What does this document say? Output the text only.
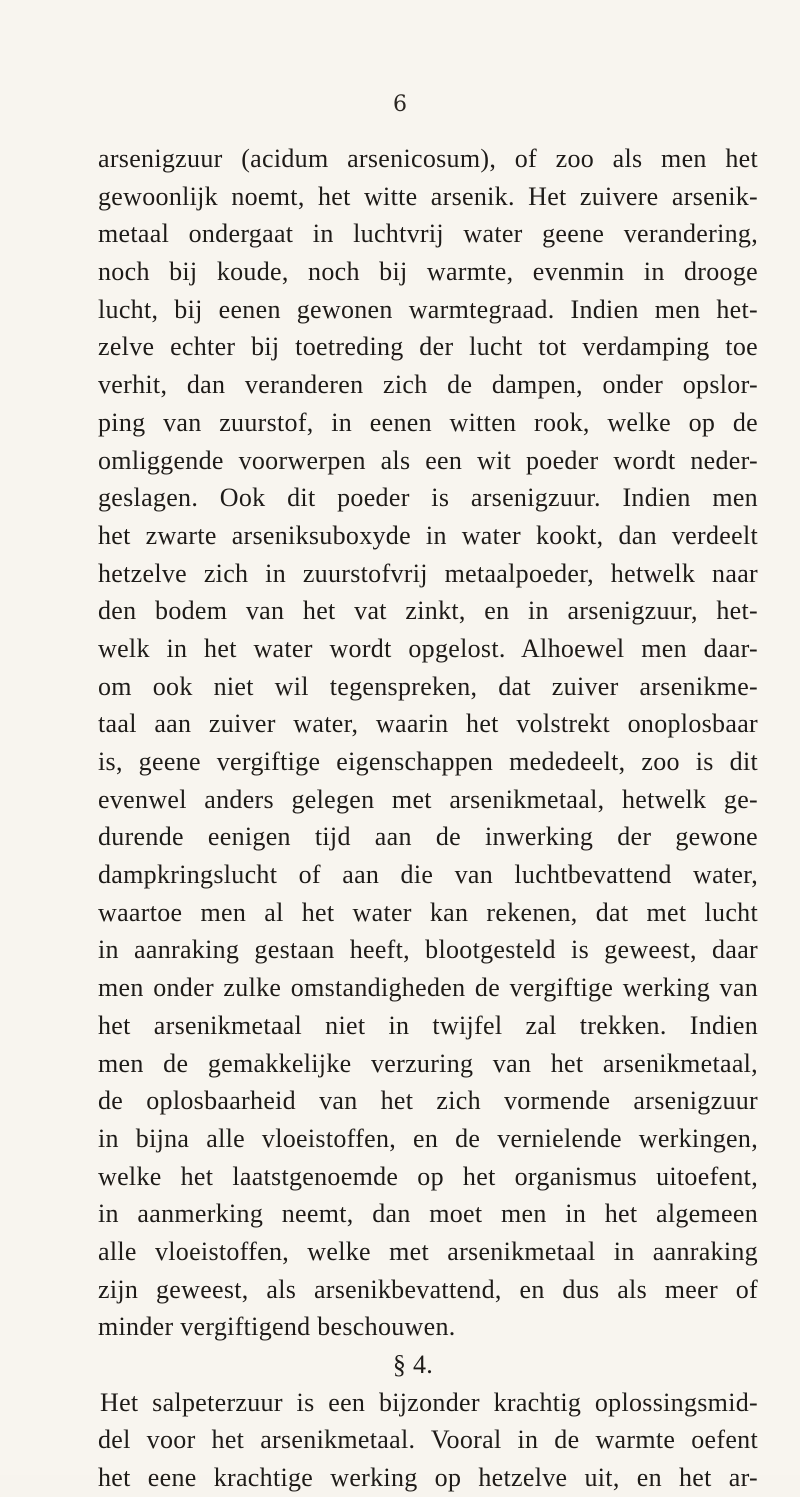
6
arsenigzuur (acidum arsenicosum), of zoo als men het
gewoonlijk noemt, het witte arsenik. Het zuivere arsenik-
metaal ondergaat in luchtvrij water geene verandering,
noch bij koude, noch bij warmte, evenmin in drooge
lucht, bij eenen gewonen warmtegraad. Indien men het-
zelve echter bij toetreding der lucht tot verdamping toe
verhit, dan veranderen zich de dampen, onder opslor-
ping van zuurstof, in eenen witten rook, welke op de
omliggende voorwerpen als een wit poeder wordt neder-
geslagen. Ook dit poeder is arsenigzuur. Indien men
het zwarte arseniksuboxyde in water kookt, dan verdeelt
hetzelve zich in zuurstofvrij metaalpoeder, hetwelk naar
den bodem van het vat zinkt, en in arsenigzuur, het-
welk in het water wordt opgelost. Alhoewel men daar-
om ook niet wil tegenspreken, dat zuiver arsenikme-
taal aan zuiver water, waarin het volstrekt onoplosbaar
is, geene vergiftige eigenschappen mededeelt, zoo is dit
evenwel anders gelegen met arsenikmetaal, hetwelk ge-
durende eenigen tijd aan de inwerking der gewone
dampkringslucht of aan die van luchtbevattend water,
waartoe men al het water kan rekenen, dat met lucht
in aanraking gestaan heeft, blootgesteld is geweest, daar
men onder zulke omstandigheden de vergiftige werking van
het arsenikmetaal niet in twijfel zal trekken. Indien
men de gemakkelijke verzuring van het arsenikmetaal,
de oplosbaarheid van het zich vormende arsenigzuur
in bijna alle vloeistoffen, en de vernielende werkingen,
welke het laatstgenoemde op het organismus uitoefent,
in aanmerking neemt, dan moet men in het algemeen
alle vloeistoffen, welke met arsenikmetaal in aanraking
zijn geweest, als arsenikbevattend, en dus als meer of
minder vergiftigend beschouwen.
§ 4.
Het salpeterzuur is een bijzonder krachtig oplossingsmid-
del voor het arsenikmetaal. Vooral in de warmte oefent
het eene krachtige werking op hetzelve uit, en het ar-
